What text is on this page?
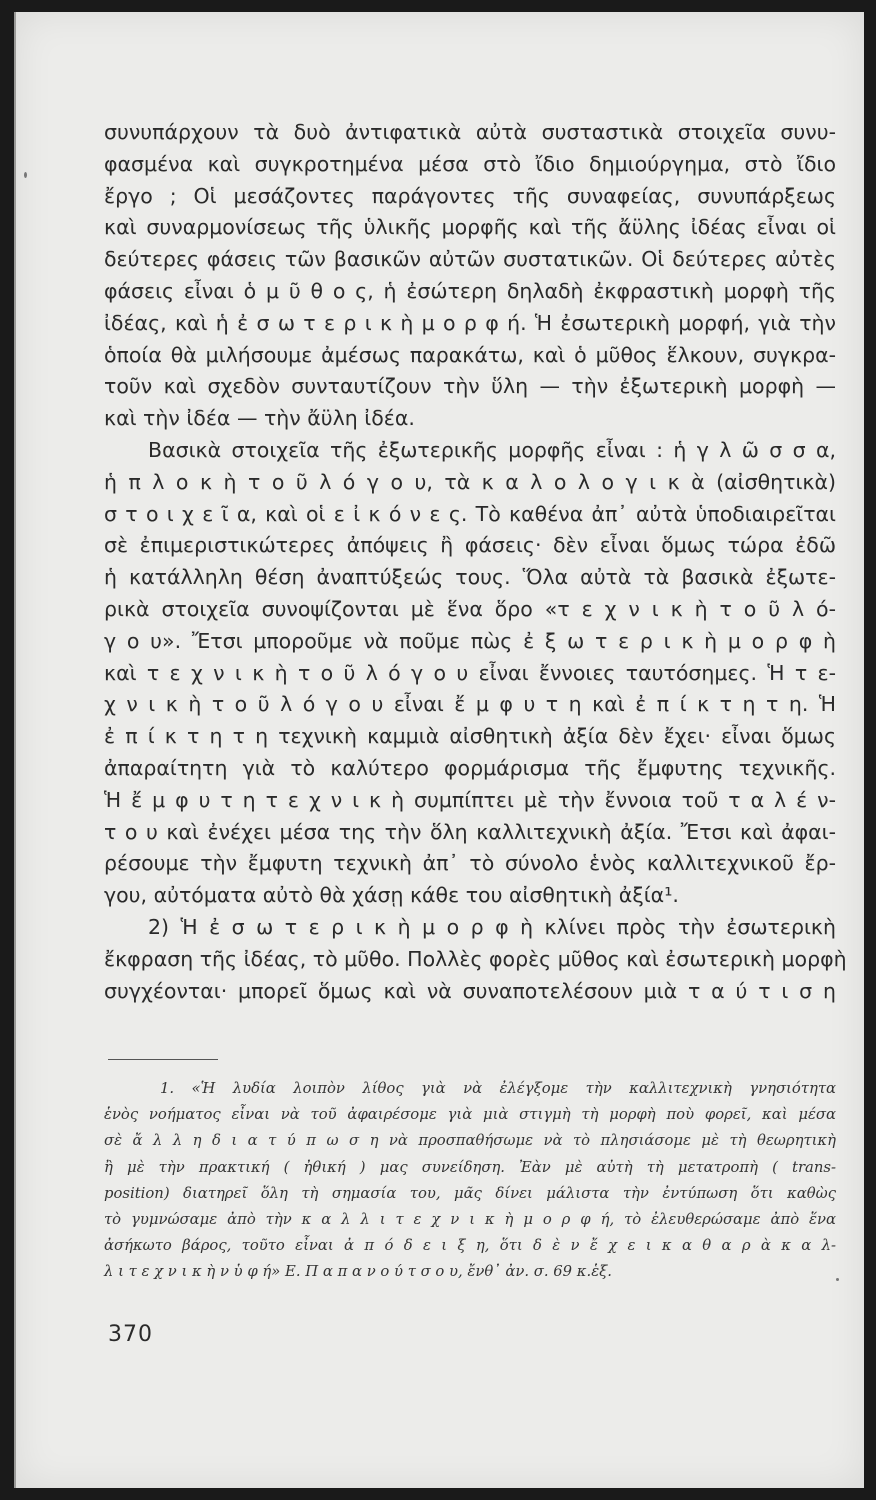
συνυπάρχουν τὰ δυὸ ἀντιφατικὰ αὐτὰ συσταστικὰ στοιχεῖα συνυ-
φασμένα καὶ συγκροτημένα μέσα στὸ ἴδιο δημιούργημα, στὸ ἴδιο
ἔργο ; Οἱ μεσάζοντες παράγοντες τῆς συναφείας, συνυπάρξεως
καὶ συναρμονίσεως τῆς ὑλικῆς μορφῆς καὶ τῆς ἄϋλης ἰδέας εἶναι οἱ
δεύτερες φάσεις τῶν βασικῶν αὐτῶν συστατικῶν. Οἱ δεύτερες αὐτὲς
φάσεις εἶναι ὁ μ ῦ θ ο ς, ἡ ἐσώτερη δηλαδὴ ἐκφραστικὴ μορφὴ τῆς
ἰδέας, καὶ ἡ ἐ σ ω τ ε ρ ι κ ὴ μ ο ρ φ ή. Ἡ ἐσωτερικὴ μορφή, γιὰ τὴν
ὁποία θὰ μιλήσουμε ἀμέσως παρακάτω, καὶ ὁ μῦθος ἕλκουν, συγκρα-
τοῦν καὶ σχεδὸν συνταυτίζουν τὴν ὕλη — τὴν ἐξωτερικὴ μορφὴ —
καὶ τὴν ἰδέα — τὴν ἄϋλη ἰδέα.
Βασικὰ στοιχεῖα τῆς ἐξωτερικῆς μορφῆς εἶναι : ἡ γ λ ῶ σ σ α,
ἡ π λ ο κ ὴ τ ο ῦ λ ό γ ο υ, τὰ κ α λ ο λ ο γ ι κ ὰ (αἰσθητικὰ)
σ τ ο ι χ ε ῖ α, καὶ οἱ ε ἰ κ ό ν ε ς. Τὸ καθένα ἀπ᾿ αὐτὰ ὑποδιαιρεῖται
σὲ ἐπιμεριστικώτερες ἀπόψεις ἢ φάσεις· δὲν εἶναι ὅμως τώρα ἐδῶ
ἡ κατάλληλη θέση ἀναπτύξεώς τους. Ὅλα αὐτὰ τὰ βασικὰ ἐξωτε-
ρικὰ στοιχεῖα συνοψίζονται μὲ ἕνα ὅρο «τ ε χ ν ι κ ὴ τ ο ῦ λ ό-
γ ο υ». Ἔτσι μποροῦμε νὰ ποῦμε πὼς ἐ ξ ω τ ε ρ ι κ ὴ μ ο ρ φ ὴ
καὶ τ ε χ ν ι κ ὴ τ ο ῦ λ ό γ ο υ εἶναι ἔννοιες ταυτόσημες. Ἡ τ ε-
χ ν ι κ ὴ τ ο ῦ λ ό γ ο υ εἶναι ἔ μ φ υ τ η καὶ ἐ π ί κ τ η τ η. Ἡ
ἐ π ί κ τ η τ η τεχνικὴ καμμιὰ αἰσθητικὴ ἀξία δὲν ἔχει· εἶναι ὅμως
ἀπαραίτητη γιὰ τὸ καλύτερο φορμάρισμα τῆς ἔμφυτης τεχνικῆς.
Ἡ ἔ μ φ υ τ η τ ε χ ν ι κ ὴ συμπίπτει μὲ τὴν ἔννοια τοῦ τ α λ έ ν-
τ ο υ καὶ ἐνέχει μέσα της τὴν ὅλη καλλιτεχνικὴ ἀξία. Ἔτσι καὶ ἀφαι-
ρέσουμε τὴν ἔμφυτη τεχνικὴ ἀπ᾿ τὸ σύνολο ἑνὸς καλλιτεχνικοῦ ἔρ-
γου, αὐτόματα αὐτὸ θὰ χάσῃ κάθε του αἰσθητικὴ ἀξία¹.
2) Ἡ ἐ σ ω τ ε ρ ι κ ὴ μ ο ρ φ ὴ κλίνει πρὸς τὴν ἐσωτερικὴ
ἔκφραση τῆς ἰδέας, τὸ μῦθο. Πολλὲς φορὲς μῦθος καὶ ἐσωτερικὴ μορφὴ
συγχέονται· μπορεῖ ὅμως καὶ νὰ συναποτελέσουν μιὰ τ α ύ τ ι σ η
1. «Ἡ λυδία λοιπὸν λίθος γιὰ νὰ ἐλέγξομε τὴν καλλιτεχνικὴ γνησιότητα
ἑνὸς νοήματος εἶναι νὰ τοῦ ἀφαιρέσομε γιὰ μιὰ στιγμὴ τὴ μορφὴ ποὺ φορεῖ, καὶ μέσα
σὲ ἄ λ λ η δ ι α τ ύ π ω σ η νὰ προσπαθήσωμε νὰ τὸ πλησιάσομε μὲ τὴ θεωρητικὴ
ἢ μὲ τὴν πρακτική ( ἠθική ) μας συνείδηση. Ἐὰν μὲ αὐτὴ τὴ μετατροπὴ ( trans-
position) διατηρεῖ ὅλη τὴ σημασία του, μᾶς δίνει μάλιστα τὴν ἐντύπωση ὅτι καθὼς
τὸ γυμνώσαμε ἀπὸ τὴν κ α λ λ ι τ ε χ ν ι κ ὴ μ ο ρ φ ή, τὸ ἐλευθερώσαμε ἀπὸ ἕνα
ἀσήκωτο βάρος, τοῦτο εἶναι ἀ π ό δ ε ι ξ η, ὅτι δ ὲ ν ἔ χ ε ι κ α θ α ρ ὰ κ α λ-
λ ι τ ε χ ν ι κ ὴ ν ὑ φ ή» Ε. Π α π α ν ο ύ τ σ ο υ, ἔνθ᾿ ἀν. σ. 69 κ.ἑξ.
370
